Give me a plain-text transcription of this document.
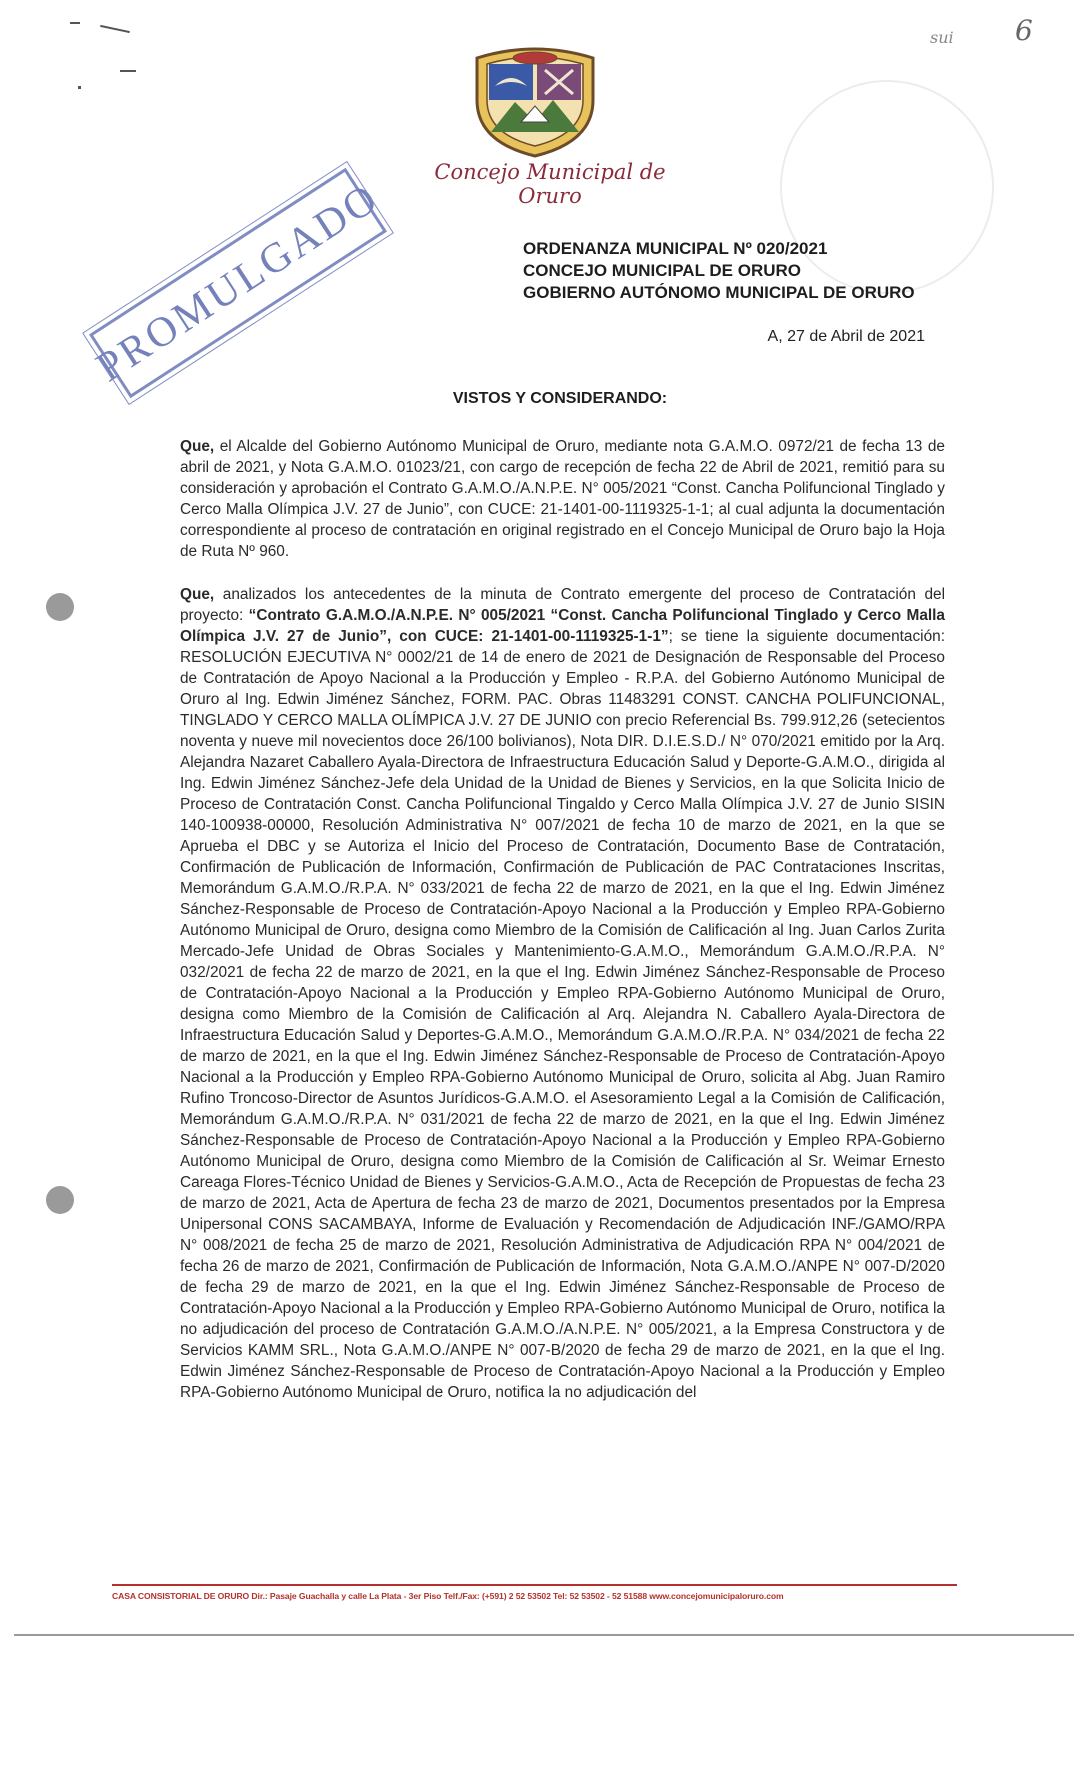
Concejo Municipal de Oruro
PROMULGADO
sui 6
ORDENANZA MUNICIPAL Nº 020/2021
CONCEJO MUNICIPAL DE ORURO
GOBIERNO AUTÓNOMO MUNICIPAL DE ORURO
A, 27 de Abril de 2021
VISTOS Y CONSIDERANDO:
Que, el Alcalde del Gobierno Autónomo Municipal de Oruro, mediante nota G.A.M.O. 0972/21 de fecha 13 de abril de 2021, y Nota G.A.M.O. 01023/21, con cargo de recepción de fecha 22 de Abril de 2021, remitió para su consideración y aprobación el Contrato G.A.M.O./A.N.P.E. N° 005/2021 “Const. Cancha Polifuncional Tinglado y Cerco Malla Olímpica J.V. 27 de Junio”, con CUCE: 21-1401-00-1119325-1-1; al cual adjunta la documentación correspondiente al proceso de contratación en original registrado en el Concejo Municipal de Oruro bajo la Hoja de Ruta Nº 960.
Que, analizados los antecedentes de la minuta de Contrato emergente del proceso de Contratación del proyecto: “Contrato G.A.M.O./A.N.P.E. N° 005/2021 “Const. Cancha Polifuncional Tinglado y Cerco Malla Olímpica J.V. 27 de Junio”, con CUCE: 21-1401-00-1119325-1-1”; se tiene la siguiente documentación: RESOLUCIÓN EJECUTIVA N° 0002/21 de 14 de enero de 2021 de Designación de Responsable del Proceso de Contratación de Apoyo Nacional a la Producción y Empleo - R.P.A. del Gobierno Autónomo Municipal de Oruro al Ing. Edwin Jiménez Sánchez, FORM. PAC. Obras 11483291 CONST. CANCHA POLIFUNCIONAL, TINGLADO Y CERCO MALLA OLÍMPICA J.V. 27 DE JUNIO con precio Referencial Bs. 799.912,26 (setecientos noventa y nueve mil novecientos doce 26/100 bolivianos), Nota DIR. D.I.E.S.D./ N° 070/2021 emitido por la Arq. Alejandra Nazaret Caballero Ayala-Directora de Infraestructura Educación Salud y Deporte-G.A.M.O., dirigida al Ing. Edwin Jiménez Sánchez-Jefe dela Unidad de la Unidad de Bienes y Servicios, en la que Solicita Inicio de Proceso de Contratación Const. Cancha Polifuncional Tingaldo y Cerco Malla Olímpica J.V. 27 de Junio SISIN 140-100938-00000, Resolución Administrativa N° 007/2021 de fecha 10 de marzo de 2021, en la que se Aprueba el DBC y se Autoriza el Inicio del Proceso de Contratación, Documento Base de Contratación, Confirmación de Publicación de Información, Confirmación de Publicación de PAC Contrataciones Inscritas, Memorándum G.A.M.O./R.P.A. N° 033/2021 de fecha 22 de marzo de 2021, en la que el Ing. Edwin Jiménez Sánchez-Responsable de Proceso de Contratación-Apoyo Nacional a la Producción y Empleo RPA-Gobierno Autónomo Municipal de Oruro, designa como Miembro de la Comisión de Calificación al Ing. Juan Carlos Zurita Mercado-Jefe Unidad de Obras Sociales y Mantenimiento-G.A.M.O., Memorándum G.A.M.O./R.P.A. N° 032/2021 de fecha 22 de marzo de 2021, en la que el Ing. Edwin Jiménez Sánchez-Responsable de Proceso de Contratación-Apoyo Nacional a la Producción y Empleo RPA-Gobierno Autónomo Municipal de Oruro, designa como Miembro de la Comisión de Calificación al Arq. Alejandra N. Caballero Ayala-Directora de Infraestructura Educación Salud y Deportes-G.A.M.O., Memorándum G.A.M.O./R.P.A. N° 034/2021 de fecha 22 de marzo de 2021, en la que el Ing. Edwin Jiménez Sánchez-Responsable de Proceso de Contratación-Apoyo Nacional a la Producción y Empleo RPA-Gobierno Autónomo Municipal de Oruro, solicita al Abg. Juan Ramiro Rufino Troncoso-Director de Asuntos Jurídicos-G.A.M.O. el Asesoramiento Legal a la Comisión de Calificación, Memorándum G.A.M.O./R.P.A. N° 031/2021 de fecha 22 de marzo de 2021, en la que el Ing. Edwin Jiménez Sánchez-Responsable de Proceso de Contratación-Apoyo Nacional a la Producción y Empleo RPA-Gobierno Autónomo Municipal de Oruro, designa como Miembro de la Comisión de Calificación al Sr. Weimar Ernesto Careaga Flores-Técnico Unidad de Bienes y Servicios-G.A.M.O., Acta de Recepción de Propuestas de fecha 23 de marzo de 2021, Acta de Apertura de fecha 23 de marzo de 2021, Documentos presentados por la Empresa Unipersonal CONS SACAMBAYA, Informe de Evaluación y Recomendación de Adjudicación INF./GAMO/RPA N° 008/2021 de fecha 25 de marzo de 2021, Resolución Administrativa de Adjudicación RPA N° 004/2021 de fecha 26 de marzo de 2021, Confirmación de Publicación de Información, Nota G.A.M.O./ANPE N° 007-D/2020 de fecha 29 de marzo de 2021, en la que el Ing. Edwin Jiménez Sánchez-Responsable de Proceso de Contratación-Apoyo Nacional a la Producción y Empleo RPA-Gobierno Autónomo Municipal de Oruro, notifica la no adjudicación del proceso de Contratación G.A.M.O./A.N.P.E. N° 005/2021, a la Empresa Constructora y de Servicios KAMM SRL., Nota G.A.M.O./ANPE N° 007-B/2020 de fecha 29 de marzo de 2021, en la que el Ing. Edwin Jiménez Sánchez-Responsable de Proceso de Contratación-Apoyo Nacional a la Producción y Empleo RPA-Gobierno Autónomo Municipal de Oruro, notifica la no adjudicación del
CASA CONSISTORIAL DE ORURO Dir.: Pasaje Guachalla y calle La Plata - 3er Piso Telf./Fax: (+591) 2 52 53502 Tel: 52 53502 - 52 51588 www.concejomunicipaloruro.com
